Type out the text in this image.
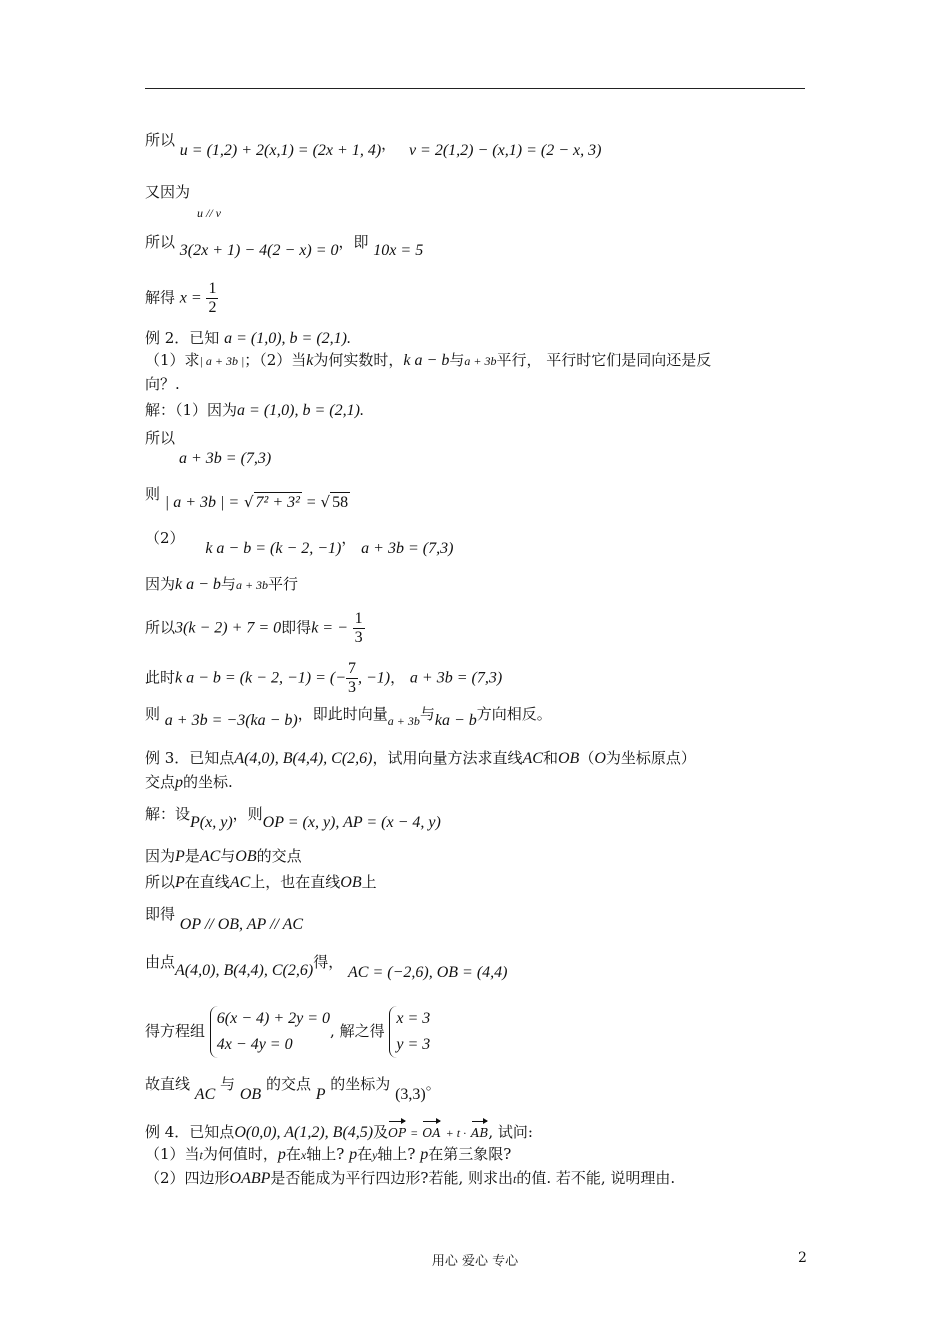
所以 u = (1,2) + 2(x,1) = (2x + 1, 4)， v = 2(1,2) − (x,1) = (2 − x, 3)
又因为
u // v
所以 3(2x + 1) − 4(2 − x) = 0，即 10x = 5
解得 $x = \frac{1}{2}$
例 2．已知 a = (1,0), b = (2,1).
（1）求| a + 3b |；（2）当k为何实数时，k a − b与a + 3b平行， 平行时它们是同向还是反
向？.
解：（1）因为a = (1,0), b = (2,1).
所以
a + 3b = (7,3)
则 | a + 3b | = √ 7² + 3² = √ 58
（2） k a − b = (k − 2, −1)， a + 3b = (7,3)
因为k a − b与a + 3b平行
所以3(k − 2) + 7 = 0即得k = − $\frac{1}{3}$
此时k a − b = (k − 2, −1) = (− $\frac{7}{3}$ , −1)， a + 3b = (7,3)
则 a + 3b = −3(ka − b)，即此时向量$_{a + 3b}$与ka − b方向相反。
例 3．已知点A(4,0), B(4,4), C(2,6)，试用向量方法求直线AC和OB（O为坐标原点）
交点p的坐标.
解：设P(x, y)，则OP = (x, y), AP = (x − 4, y)
因为P是AC与OB的交点
所以P在直线AC上，也在直线OB上
即得 OP // OB, AP // AC
由点A(4,0), B(4,4), C(2,6)得， AC = (−2,6), OB = (4,4)
得方程组
6(x − 4) + 2y = 0
4x − 4y = 0
, 解之得
x = 3
y = 3
故直线 AC 与 OB 的交点 P 的坐标为 (3,3)。
例 4．已知点O(0,0), A(1,2), B(4,5)及OP = OA + t · AB, 试问:
（1）当t为何值时，p在x轴上? p在y轴上? p在第三象限?
（2）四边形OABP是否能成为平行四边形?若能, 则求出t的值. 若不能, 说明理由.
用心 爱心 专心	2
